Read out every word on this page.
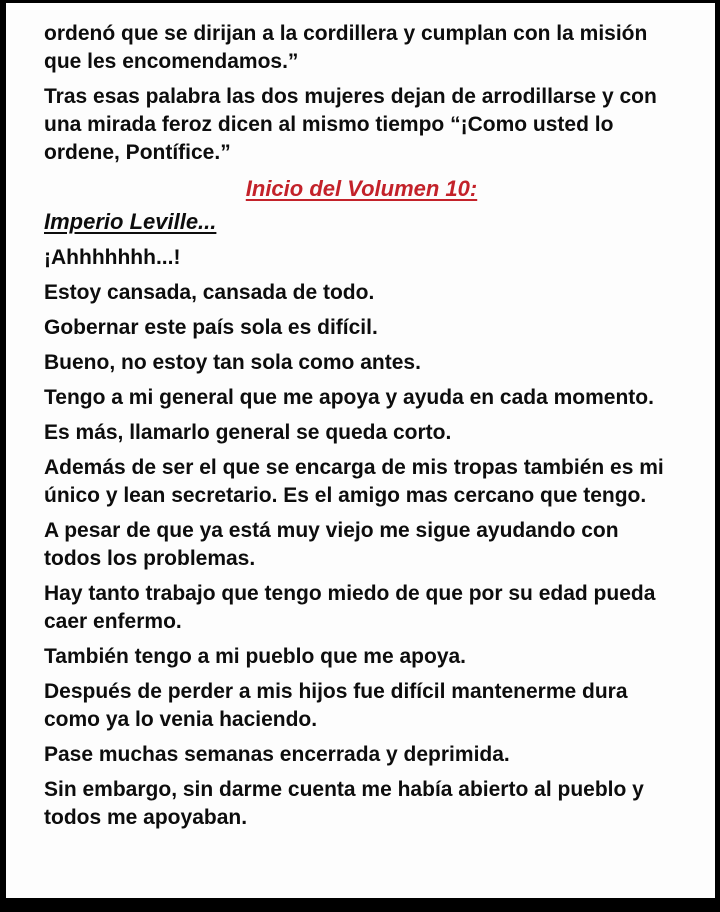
ordenó que se dirijan a la cordillera y cumplan con la misión que les encomendamos.”

Tras esas palabra las dos mujeres dejan de arrodillarse y con una mirada feroz dicen al mismo tiempo “¡Como usted lo ordene, Pontífice.”

Inicio del Volumen 10:

Imperio Leville...

¡Ahhhhhhh...!

Estoy cansada, cansada de todo.

Gobernar este país sola es difícil.

Bueno, no estoy tan sola como antes.

Tengo a mi general que me apoya y ayuda en cada momento.

Es más, llamarlo general se queda corto.

Además de ser el que se encarga de mis tropas también es mi único y lean secretario. Es el amigo mas cercano que tengo.

A pesar de que ya está muy viejo me sigue ayudando con todos los problemas.

Hay tanto trabajo que tengo miedo de que por su edad pueda caer enfermo.

También tengo a mi pueblo que me apoya.

Después de perder a mis hijos fue difícil mantenerme dura como ya lo venia haciendo.

Pase muchas semanas encerrada y deprimida.

Sin embargo, sin darme cuenta me había abierto al pueblo y todos me apoyaban.
